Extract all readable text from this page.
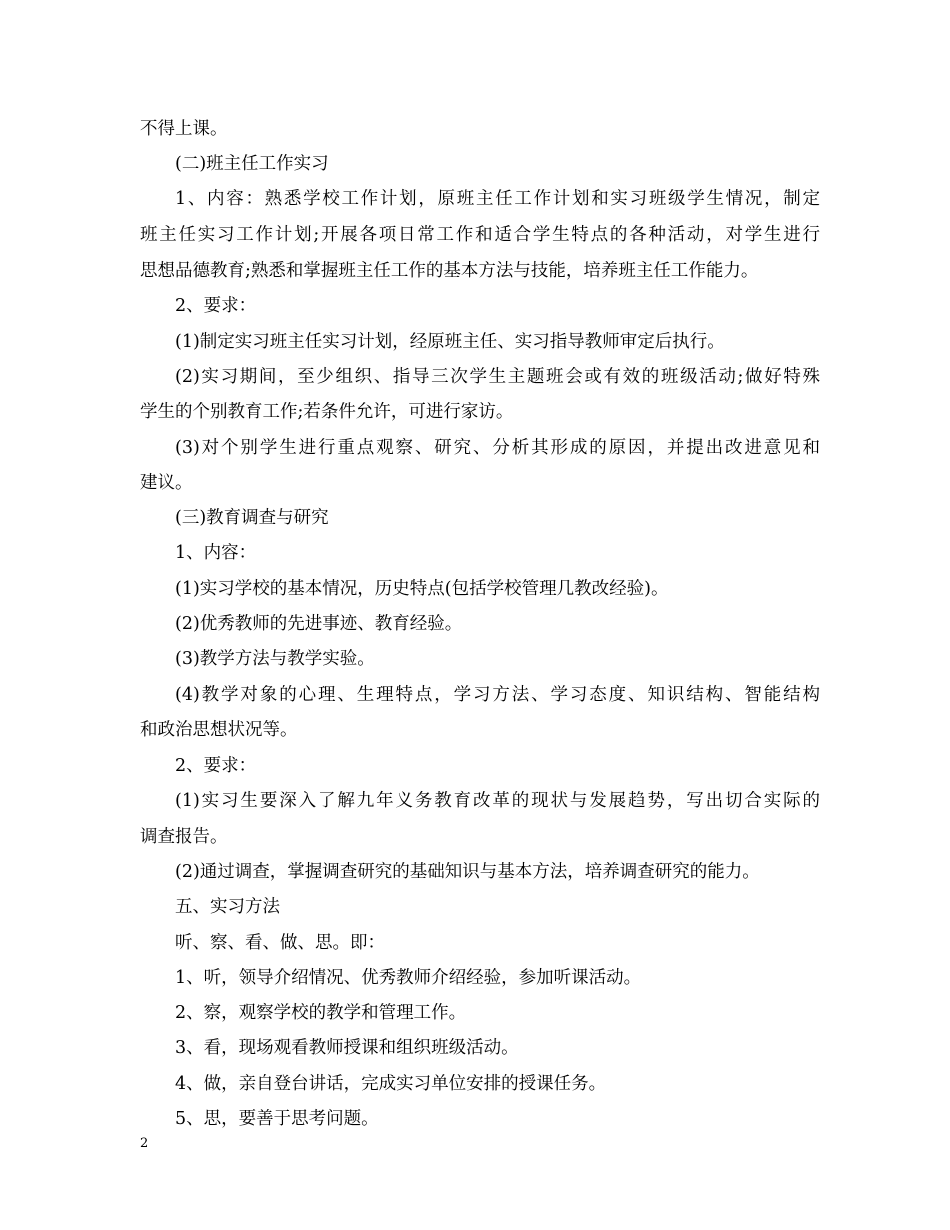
不得上课。
(二)班主任工作实习
1、内容：熟悉学校工作计划，原班主任工作计划和实习班级学生情况，制定
班主任实习工作计划;开展各项日常工作和适合学生特点的各种活动，对学生进行
思想品德教育;熟悉和掌握班主任工作的基本方法与技能，培养班主任工作能力。
2、要求：
(1)制定实习班主任实习计划，经原班主任、实习指导教师审定后执行。
(2)实习期间，至少组织、指导三次学生主题班会或有效的班级活动;做好特殊
学生的个别教育工作;若条件允许，可进行家访。
(3)对个别学生进行重点观察、研究、分析其形成的原因，并提出改进意见和
建议。
(三)教育调查与研究
1、内容：
(1)实习学校的基本情况，历史特点(包括学校管理几教改经验)。
(2)优秀教师的先进事迹、教育经验。
(3)教学方法与教学实验。
(4)教学对象的心理、生理特点，学习方法、学习态度、知识结构、智能结构
和政治思想状况等。
2、要求：
(1)实习生要深入了解九年义务教育改革的现状与发展趋势，写出切合实际的
调查报告。
(2)通过调查，掌握调查研究的基础知识与基本方法，培养调查研究的能力。
五、实习方法
听、察、看、做、思。即：
1、听，领导介绍情况、优秀教师介绍经验，参加听课活动。
2、察，观察学校的教学和管理工作。
3、看，现场观看教师授课和组织班级活动。
4、做，亲自登台讲话，完成实习单位安排的授课任务。
5、思，要善于思考问题。
2
